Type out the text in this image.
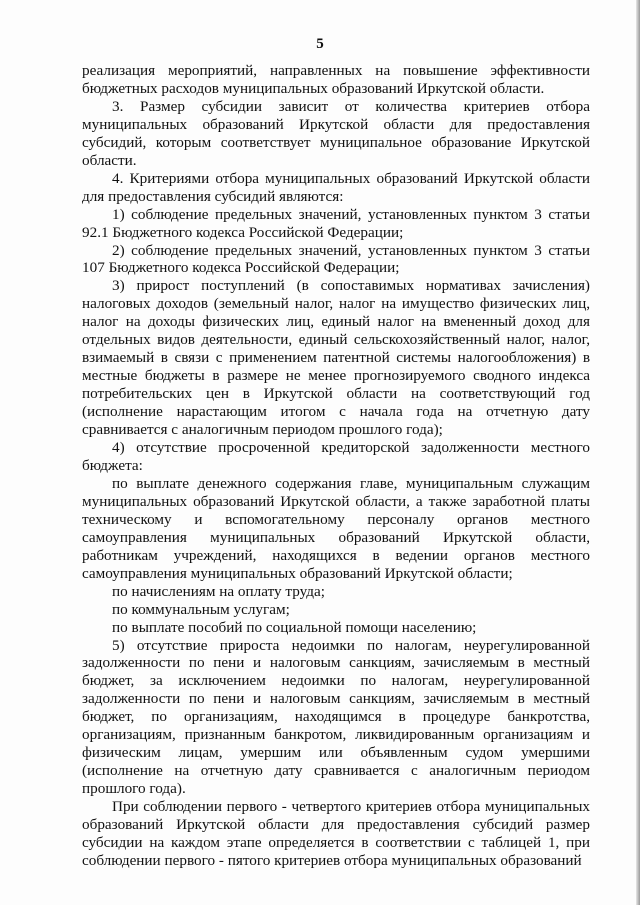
5

реализация мероприятий, направленных на повышение эффективности бюджетных расходов муниципальных образований Иркутской области.

3. Размер субсидии зависит от количества критериев отбора муниципальных образований Иркутской области для предоставления субсидий, которым соответствует муниципальное образование Иркутской области.

4. Критериями отбора муниципальных образований Иркутской области для предоставления субсидий являются:

1) соблюдение предельных значений, установленных пунктом 3 статьи 92.1 Бюджетного кодекса Российской Федерации;

2) соблюдение предельных значений, установленных пунктом 3 статьи 107 Бюджетного кодекса Российской Федерации;

3) прирост поступлений (в сопоставимых нормативах зачисления) налоговых доходов (земельный налог, налог на имущество физических лиц, налог на доходы физических лиц, единый налог на вмененный доход для отдельных видов деятельности, единый сельскохозяйственный налог, налог, взимаемый в связи с применением патентной системы налогообложения) в местные бюджеты в размере не менее прогнозируемого сводного индекса потребительских цен в Иркутской области на соответствующий год (исполнение нарастающим итогом с начала года на отчетную дату сравнивается с аналогичным периодом прошлого года);

4) отсутствие просроченной кредиторской задолженности местного бюджета:

по выплате денежного содержания главе, муниципальным служащим муниципальных образований Иркутской области, а также заработной платы техническому и вспомогательному персоналу органов местного самоуправления муниципальных образований Иркутской области, работникам учреждений, находящихся в ведении органов местного самоуправления муниципальных образований Иркутской области;

по начислениям на оплату труда;

по коммунальным услугам;

по выплате пособий по социальной помощи населению;

5) отсутствие прироста недоимки по налогам, неурегулированной задолженности по пени и налоговым санкциям, зачисляемым в местный бюджет, за исключением недоимки по налогам, неурегулированной задолженности по пени и налоговым санкциям, зачисляемым в местный бюджет, по организациям, находящимся в процедуре банкротства, организациям, признанным банкротом, ликвидированным организациям и физическим лицам, умершим или объявленным судом умершими (исполнение на отчетную дату сравнивается с аналогичным периодом прошлого года).

При соблюдении первого - четвертого критериев отбора муниципальных образований Иркутской области для предоставления субсидий размер субсидии на каждом этапе определяется в соответствии с таблицей 1, при соблюдении первого - пятого критериев отбора муниципальных образований
